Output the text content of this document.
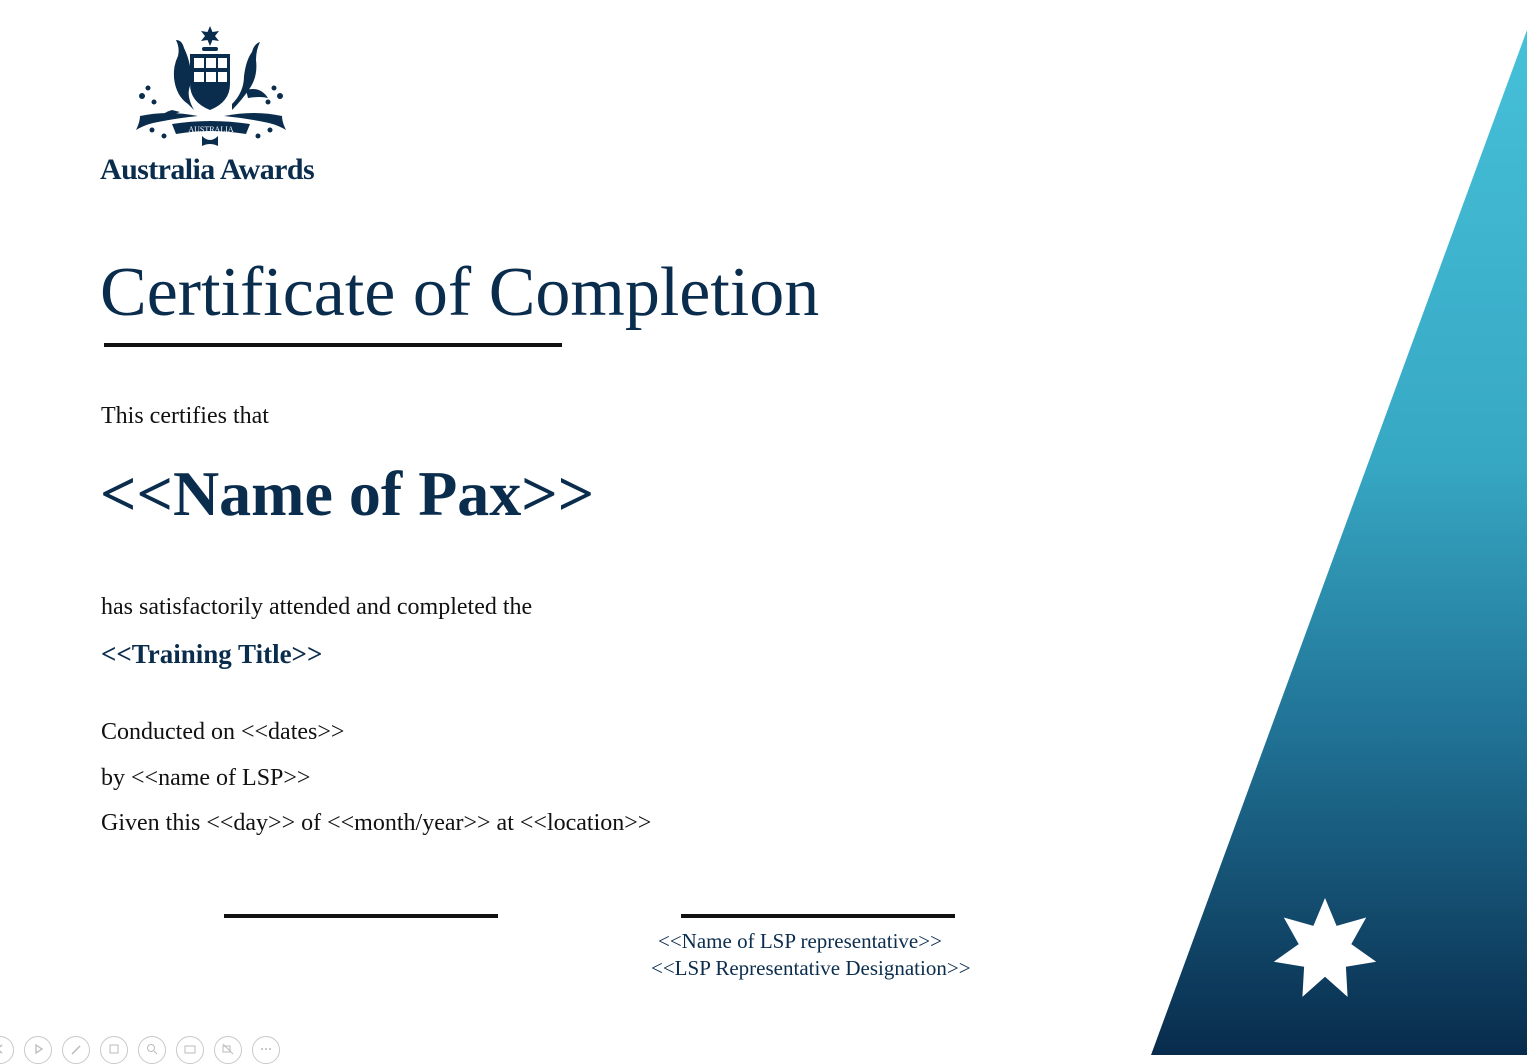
AUSTRALIA
Australia Awards
Certificate of Completion
This certifies that
<<Name of Pax>>
has satisfactorily attended and completed the
<<Training Title>>
Conducted on <<dates>>
by <<name of LSP>>
Given this <<day>> of <<month/year>> at <<location>>
<<Name of LSP representative>>
<<LSP Representative Designation>>
